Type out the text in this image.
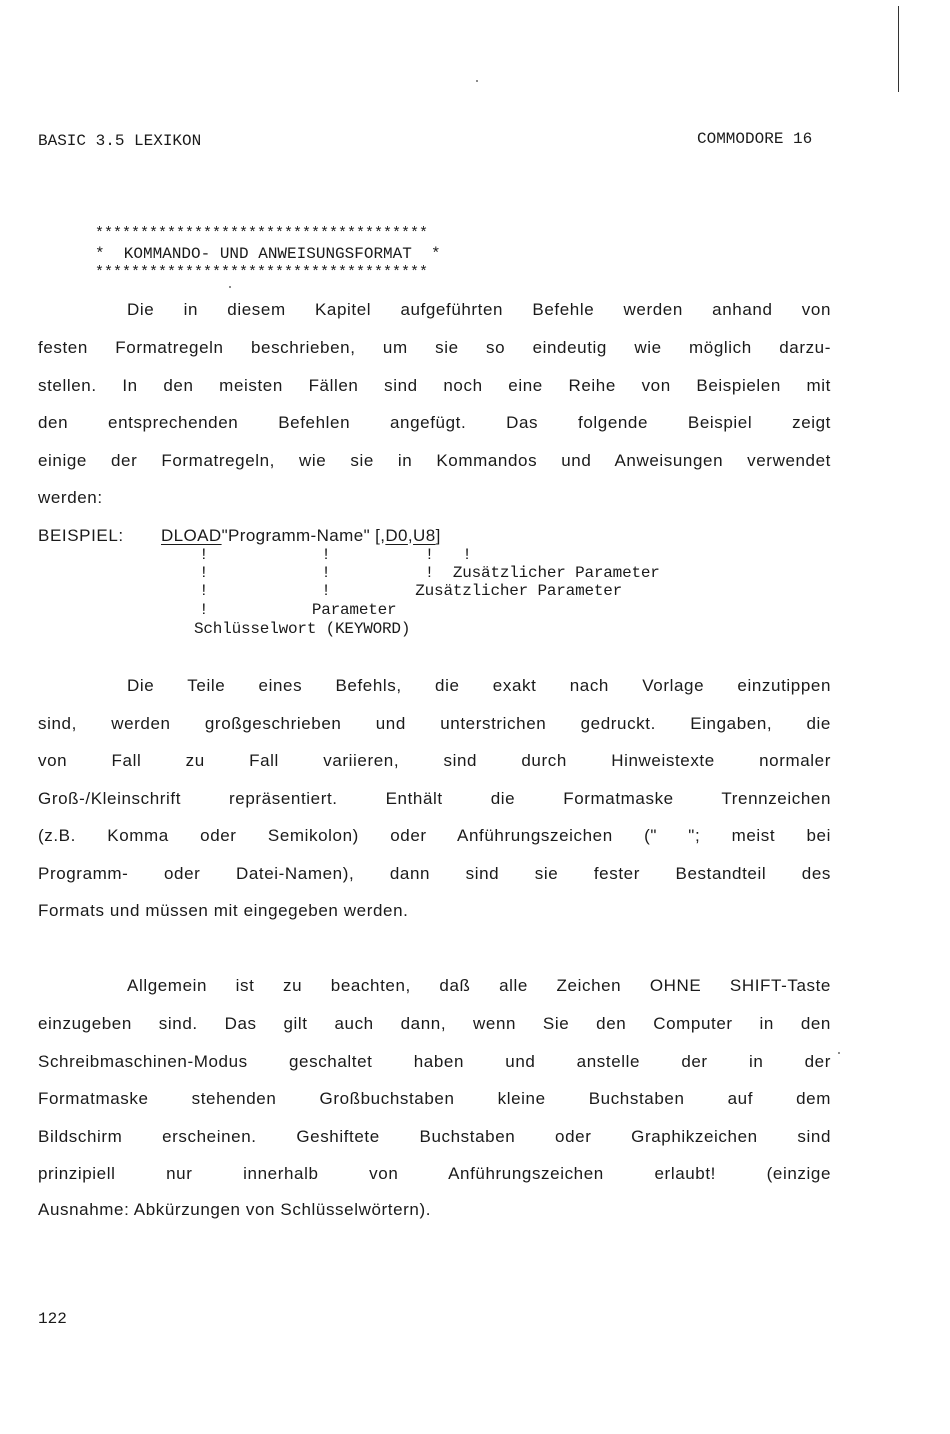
BASIC 3.5 LEXIKON	COMMODORE 16
*************************************
*  KOMMANDO- UND ANWEISUNGSFORMAT  *
*************************************

Die in diesem Kapitel aufgeführten Befehle werden anhand von

festen Formatregeln beschrieben, um sie so eindeutig wie möglich darzu-

stellen. In den meisten Fällen sind noch eine Reihe von Beispielen mit

den entsprechenden Befehlen angefügt. Das folgende Beispiel zeigt

einige der Formatregeln, wie sie in Kommandos und Anweisungen verwendet

werden:

BEISPIEL: DLOAD"Programm-Name" [,D0,U8]
!            !          !   !
!            !          !  Zusätzlicher Parameter
!            !         Zusätzlicher Parameter
!           Parameter
Schlüsselwort (KEYWORD)

Die Teile eines Befehls, die exakt nach Vorlage einzutippen

sind, werden großgeschrieben und unterstrichen gedruckt. Eingaben, die

von Fall zu Fall variieren, sind durch Hinweistexte normaler

Groß-/Kleinschrift repräsentiert. Enthält die Formatmaske Trennzeichen

(z.B. Komma oder Semikolon) oder Anführungszeichen (" "; meist bei

Programm- oder Datei-Namen), dann sind sie fester Bestandteil des

Formats und müssen mit eingegeben werden.

Allgemein ist zu beachten, daß alle Zeichen OHNE SHIFT-Taste

einzugeben sind. Das gilt auch dann, wenn Sie den Computer in den

Schreibmaschinen-Modus geschaltet haben und anstelle der in der

Formatmaske stehenden Großbuchstaben kleine Buchstaben auf dem

Bildschirm erscheinen. Geshiftete Buchstaben oder Graphikzeichen sind

prinzipiell nur innerhalb von Anführungszeichen erlaubt! (einzige

Ausnahme: Abkürzungen von Schlüsselwörtern).

122
